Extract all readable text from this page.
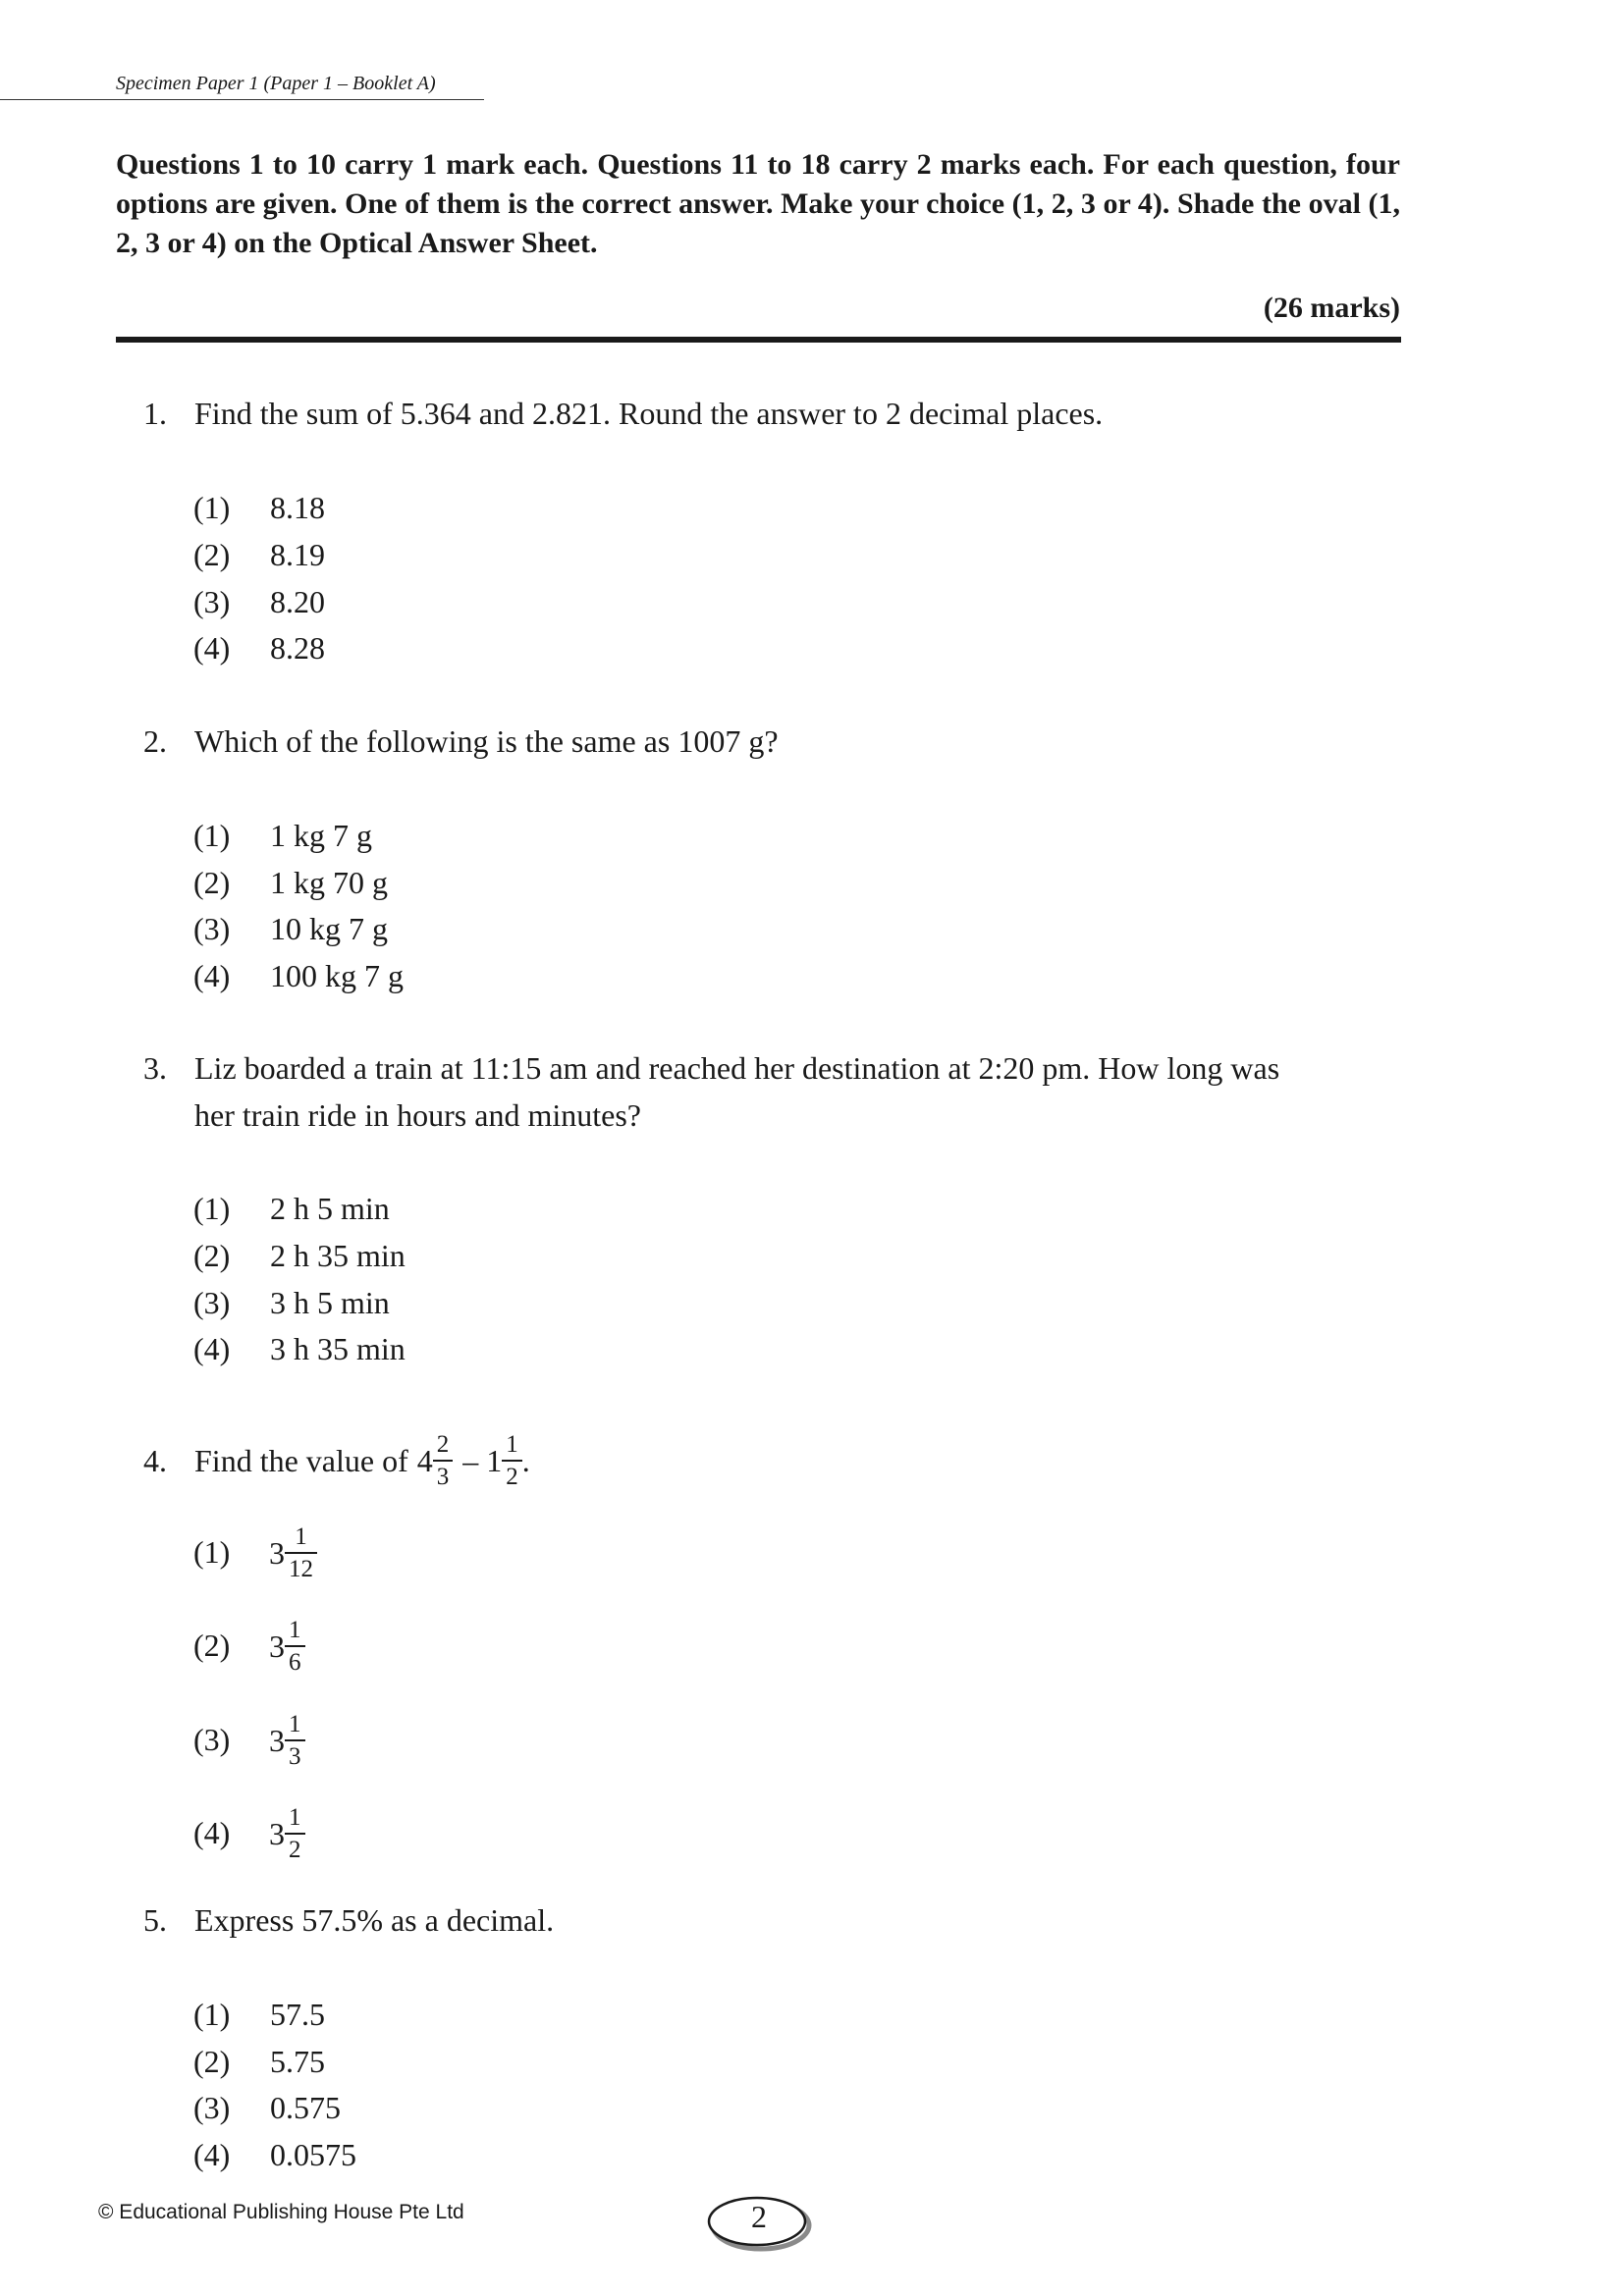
Specimen Paper 1 (Paper 1 – Booklet A)
Questions 1 to 10 carry 1 mark each. Questions 11 to 18 carry 2 marks each. For each question, four options are given. One of them is the correct answer. Make your choice (1, 2, 3 or 4). Shade the oval (1, 2, 3 or 4) on the Optical Answer Sheet.
(26 marks)
1. Find the sum of 5.364 and 2.821. Round the answer to 2 decimal places.
(1) 8.18
(2) 8.19
(3) 8.20
(4) 8.28
2. Which of the following is the same as 1007 g?
(1) 1 kg 7 g
(2) 1 kg 70 g
(3) 10 kg 7 g
(4) 100 kg 7 g
3. Liz boarded a train at 11:15 am and reached her destination at 2:20 pm. How long was
her train ride in hours and minutes?
(1) 2 h 5 min
(2) 2 h 35 min
(3) 3 h 5 min
(4) 3 h 35 min
4. Find the value of $4 \frac{2}{3} - 1 \frac{1}{2}$ .
(1) $3 \frac{1}{12}$
(2) $3 \frac{1}{6}$
(3) $3 \frac{1}{3}$
(4) $3 \frac{1}{2}$
5. Express 57.5% as a decimal.
(1) 57.5
(2) 5.75
(3) 0.575
(4) 0.0575
© Educational Publishing House Pte Ltd	2
